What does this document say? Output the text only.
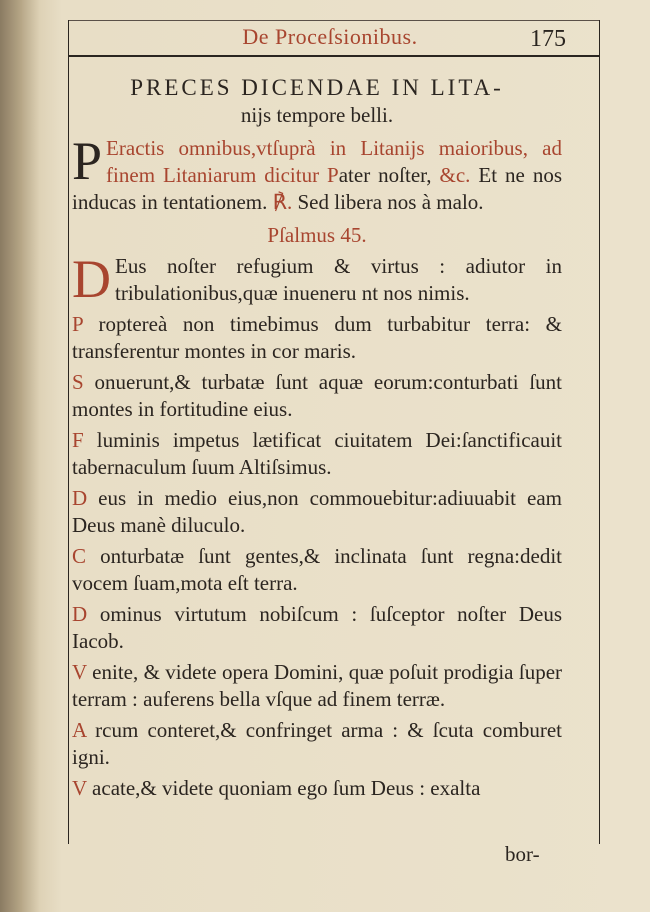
De Proceſsionibus.	175

PRECES DICENDAE IN LITA-

nijs tempore belli.

P Eractis omnibus,vtſuprà in Litanijs maioribus, ad finem Litaniarum dicitur Pater noſter, &c. Et ne nos inducas in tentationem. ℟. Sed libera nos à malo.

Pſalmus 45.

D Eus noſter refugium & virtus : adiutor in tribulationibus,quæ inueneru nt nos nimis.

P roptereà non timebimus dum turbabitur terra: & transferentur montes in cor maris.

S onuerunt,& turbatæ ſunt aquæ eorum:conturbati ſunt montes in fortitudine eius.

F luminis impetus lætificat ciuitatem Dei:ſanctificauit tabernaculum ſuum Altiſsimus.

D eus in medio eius,non commouebitur:adiuuabit eam Deus manè diluculo.

C onturbatæ ſunt gentes,& inclinata ſunt regna:dedit vocem ſuam,mota eſt terra.

D ominus virtutum nobiſcum : ſuſceptor noſter Deus Iacob.

V enite, & videte opera Domini, quæ poſuit prodigia ſuper terram : auferens bella vſque ad finem terræ.

A rcum conteret,& confringet arma : & ſcuta comburet igni.

V acate,& videte quoniam ego ſum Deus : exalta

bor-
